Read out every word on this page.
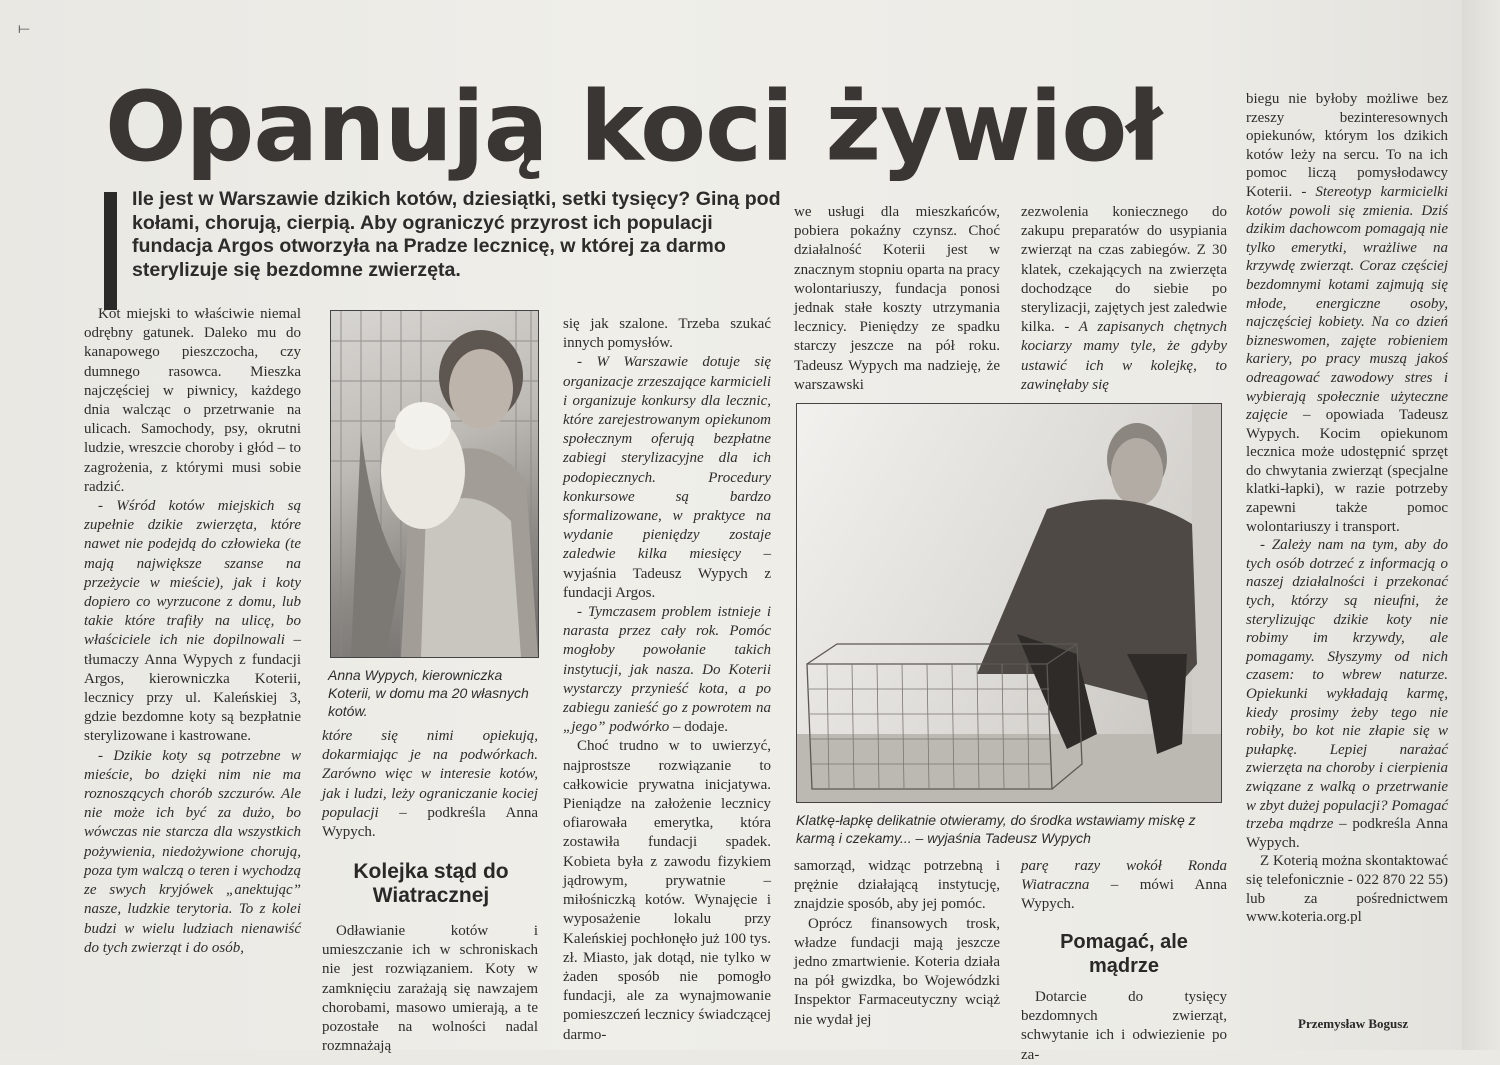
⟝
Opanują koci żywioł

Ile jest w Warszawie dzikich kotów, dziesiątki, setki tysięcy? Giną pod kołami, chorują, cierpią. Aby ograniczyć przyrost ich populacji fundacja Argos otworzyła na Pradze lecznicę, w której za darmo sterylizuje się bezdomne zwierzęta.

Kot miejski to właściwie niemal odrębny gatunek. Daleko mu do kanapowego pieszczocha, czy dumnego rasowca. Mieszka najczęściej w piwnicy, każdego dnia walcząc o przetrwanie na ulicach. Samochody, psy, okrutni ludzie, wreszcie choroby i głód – to zagrożenia, z którymi musi sobie radzić.

- Wśród kotów miejskich są zupełnie dzikie zwierzęta, które nawet nie podejdą do człowieka (te mają największe szanse na przeżycie w mieście), jak i koty dopiero co wyrzucone z domu, lub takie które trafiły na ulicę, bo właściciele ich nie dopilnowali – tłumaczy Anna Wypych z fundacji Argos, kierowniczka Koterii, lecznicy przy ul. Kaleńskiej 3, gdzie bezdomne koty są bezpłatnie sterylizowane i kastrowane.

- Dzikie koty są potrzebne w mieście, bo dzięki nim nie ma roznoszących chorób szczurów. Ale nie może ich być za dużo, bo wówczas nie starcza dla wszystkich pożywienia, niedożywione chorują, poza tym walczą o teren i wychodzą ze swych kryjówek „anektując” nasze, ludzkie terytoria. To z kolei budzi w wielu ludziach nienawiść do tych zwierząt i do osób,

Anna Wypych, kierowniczka Koterii, w domu ma 20 własnych kotów.

które się nimi opiekują, dokarmiając je na podwórkach. Zarówno więc w interesie kotów, jak i ludzi, leży ograniczanie kociej populacji – podkreśla Anna Wypych.

Kolejka stąd do Wiatracznej

Odławianie kotów i umieszczanie ich w schroniskach nie jest rozwiązaniem. Koty w zamknięciu zarażają się nawzajem chorobami, masowo umierają, a te pozostałe na wolności nadal rozmnażają

się jak szalone. Trzeba szukać innych pomysłów.

- W Warszawie dotuje się organizacje zrzeszające karmicieli i organizuje konkursy dla lecznic, które zarejestrowanym opiekunom społecznym oferują bezpłatne zabiegi sterylizacyjne dla ich podopiecznych. Procedury konkursowe są bardzo sformalizowane, w praktyce na wydanie pieniędzy zostaje zaledwie kilka miesięcy – wyjaśnia Tadeusz Wypych z fundacji Argos.

- Tymczasem problem istnieje i narasta przez cały rok. Pomóc mogłoby powołanie takich instytucji, jak nasza. Do Koterii wystarczy przynieść kota, a po zabiegu zanieść go z powrotem na „jego” podwórko – dodaje.

Choć trudno w to uwierzyć, najprostsze rozwiązanie to całkowicie prywatna inicjatywa. Pieniądze na założenie lecznicy ofiarowała emerytka, która zostawiła fundacji spadek. Kobieta była z zawodu fizykiem jądrowym, prywatnie – miłośniczką kotów. Wynajęcie i wyposażenie lokalu przy Kaleńskiej pochłonęło już 100 tys. zł. Miasto, jak dotąd, nie tylko w żaden sposób nie pomogło fundacji, ale za wynajmowanie pomieszczeń lecznicy świadczącej darmo-

we usługi dla mieszkańców, pobiera pokaźny czynsz. Choć działalność Koterii jest w znacznym stopniu oparta na pracy wolontariuszy, fundacja ponosi jednak stałe koszty utrzymania lecznicy. Pieniędzy ze spadku starczy jeszcze na pół roku. Tadeusz Wypych ma nadzieję, że warszawski

zezwolenia koniecznego do zakupu preparatów do usypiania zwierząt na czas zabiegów. Z 30 klatek, czekających na zwierzęta dochodzące do siebie po sterylizacji, zajętych jest zaledwie kilka. - A zapisanych chętnych kociarzy mamy tyle, że gdyby ustawić ich w kolejkę, to zawinęłaby się

Klatkę-łapkę delikatnie otwieramy, do środka wstawiamy miskę z karmą i czekamy... – wyjaśnia Tadeusz Wypych

samorząd, widząc potrzebną i prężnie działającą instytucję, znajdzie sposób, aby jej pomóc.

Oprócz finansowych trosk, władze fundacji mają jeszcze jedno zmartwienie. Koteria działa na pół gwizdka, bo Wojewódzki Inspektor Farmaceutyczny wciąż nie wydał jej

parę razy wokół Ronda Wiatraczna – mówi Anna Wypych.

Pomagać, ale mądrze

Dotarcie do tysięcy bezdomnych zwierząt, schwytanie ich i odwiezienie po za-

biegu nie byłoby możliwe bez rzeszy bezinteresownych opiekunów, którym los dzikich kotów leży na sercu. To na ich pomoc liczą pomysłodawcy Koterii. - Stereotyp karmicielki kotów powoli się zmienia. Dziś dzikim dachowcom pomagają nie tylko emerytki, wrażliwe na krzywdę zwierząt. Coraz częściej bezdomnymi kotami zajmują się młode, energiczne osoby, najczęściej kobiety. Na co dzień bizneswomen, zajęte robieniem kariery, po pracy muszą jakoś odreagować zawodowy stres i wybierają społecznie użyteczne zajęcie – opowiada Tadeusz Wypych. Kocim opiekunom lecznica może udostępnić sprzęt do chwytania zwierząt (specjalne klatki-łapki), w razie potrzeby zapewni także pomoc wolontariuszy i transport.

- Zależy nam na tym, aby do tych osób dotrzeć z informacją o naszej działalności i przekonać tych, którzy są nieufni, że sterylizując dzikie koty nie robimy im krzywdy, ale pomagamy. Słyszymy od nich czasem: to wbrew naturze. Opiekunki wykładają karmę, kiedy prosimy żeby tego nie robiły, bo kot nie złapie się w pułapkę. Lepiej narażać zwierzęta na choroby i cierpienia związane z walką o przetrwanie w zbyt dużej populacji? Pomagać trzeba mądrze – podkreśla Anna Wypych.

Z Koterią można skontaktować się telefonicznie - 022 870 22 55) lub za pośrednictwem www.koteria.org.pl

Przemysław Bogusz
